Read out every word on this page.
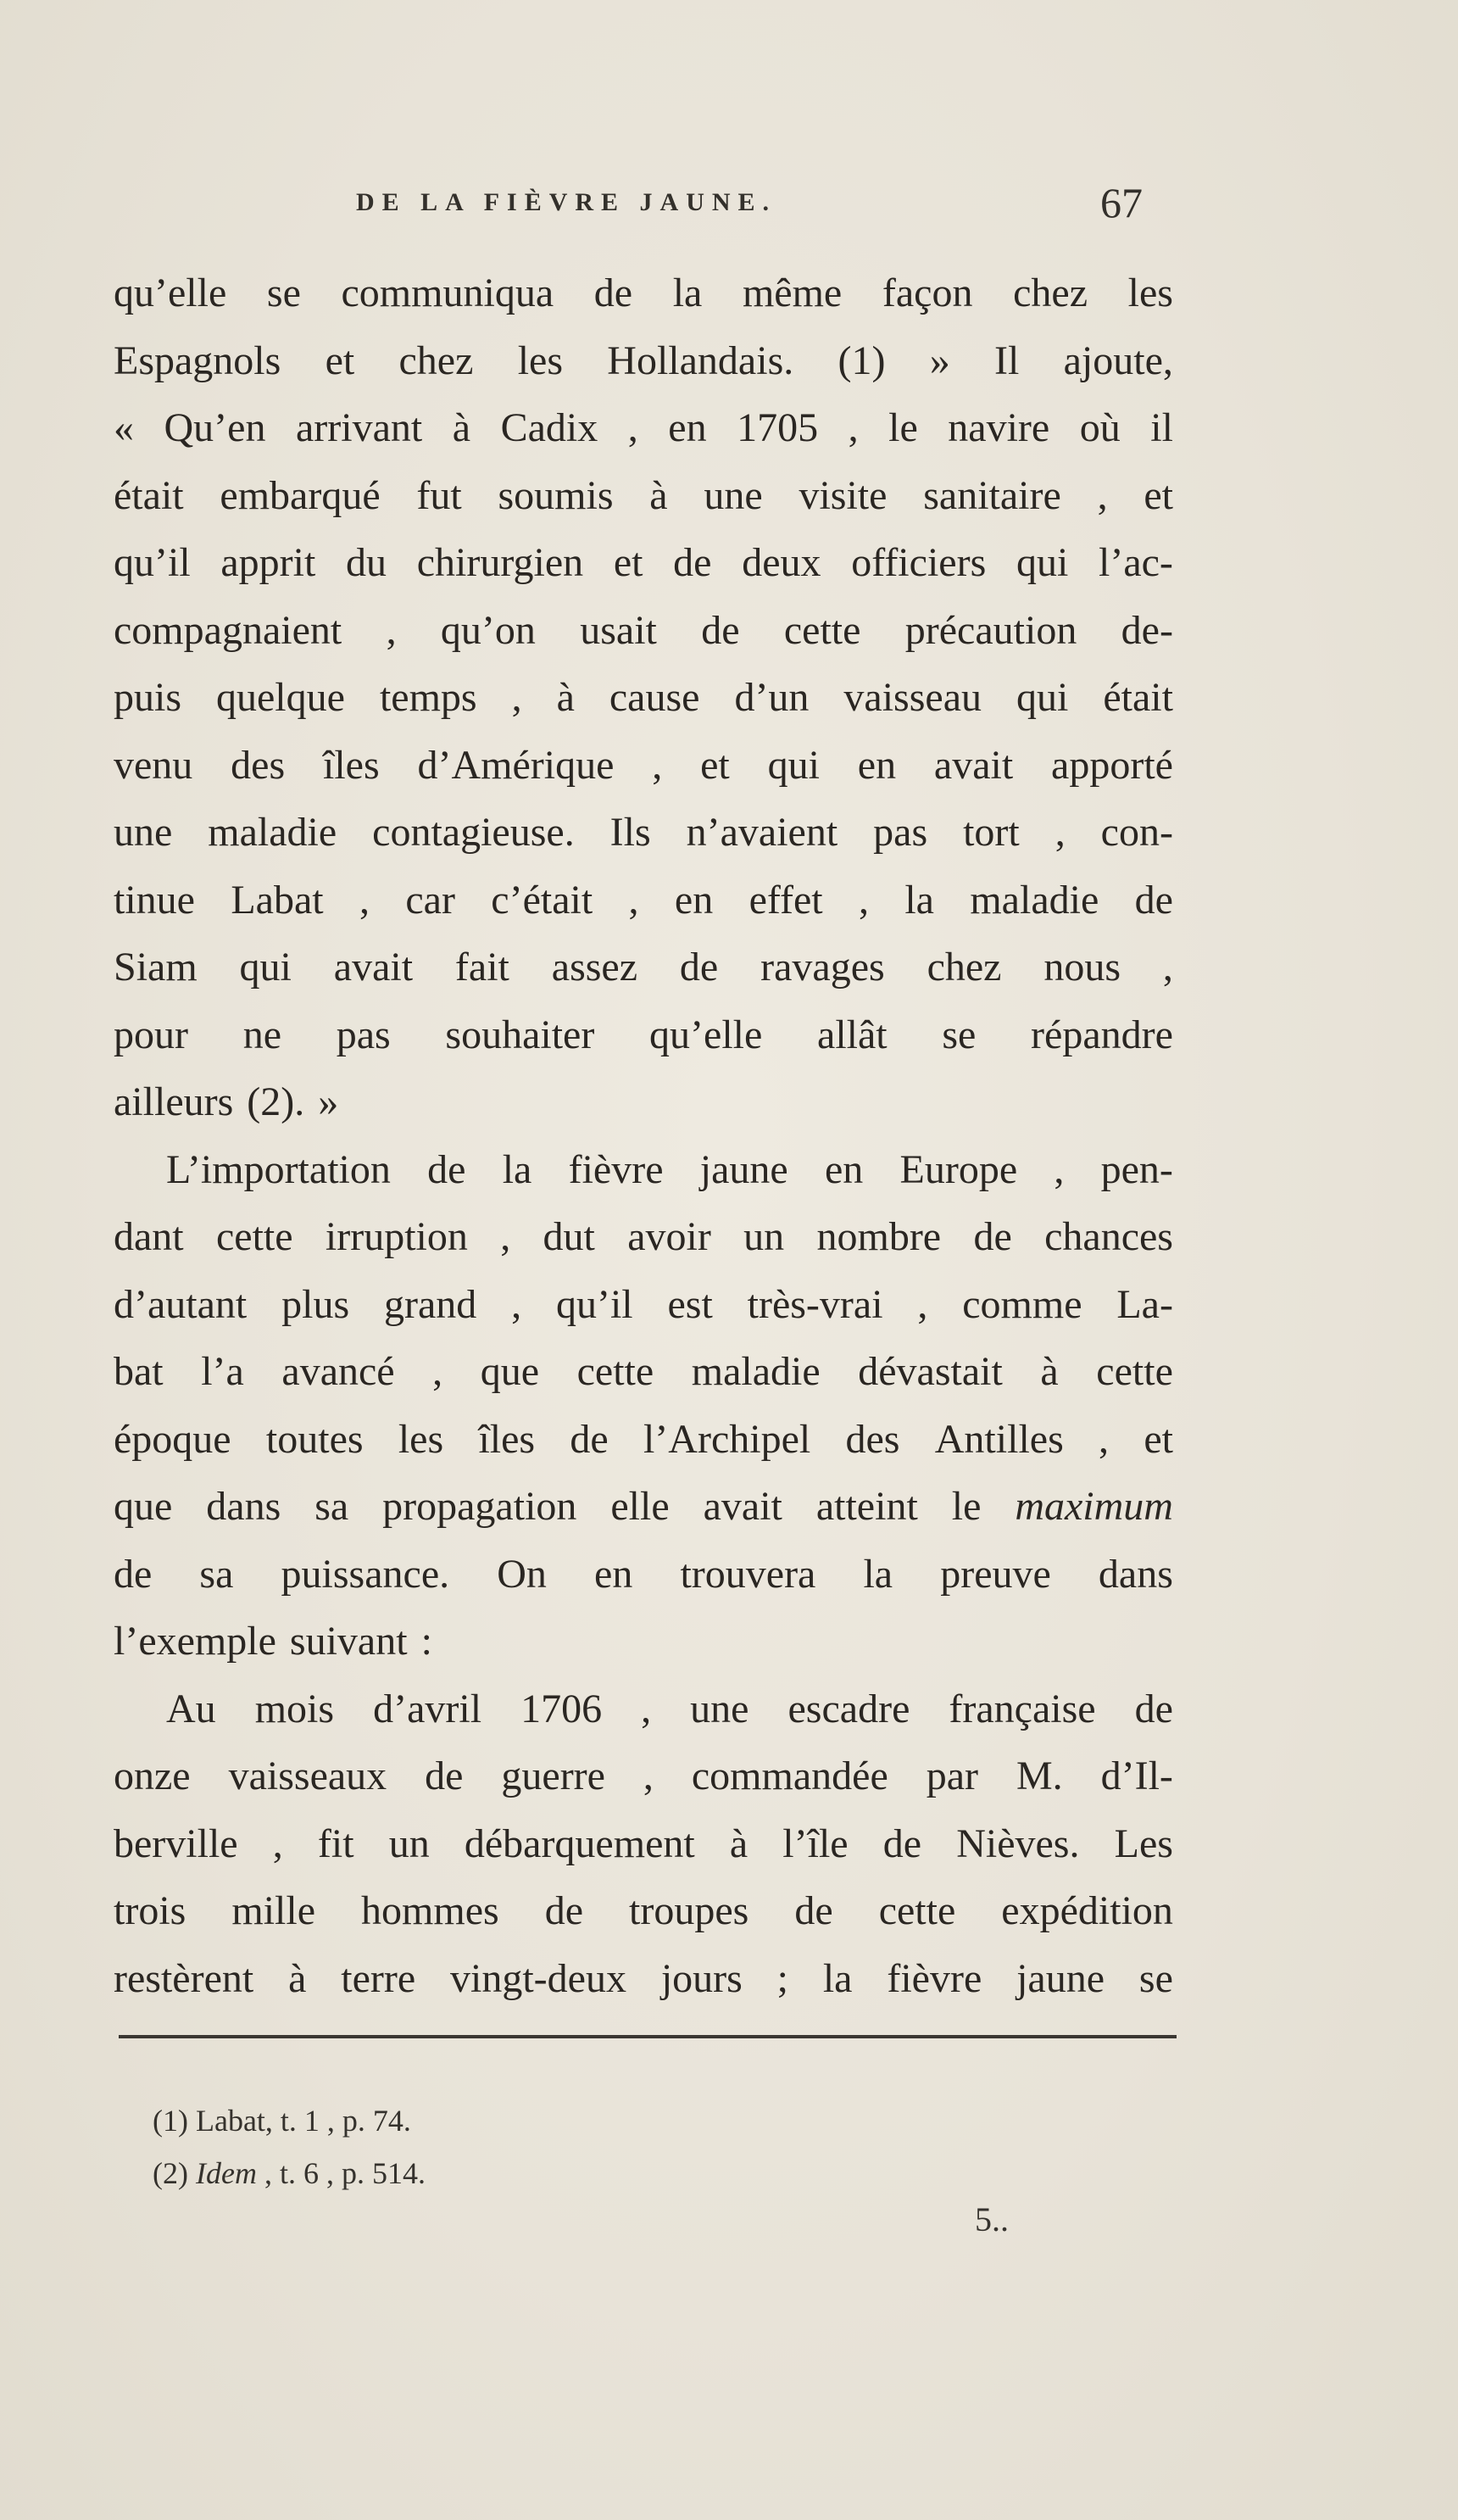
DE LA FIÈVRE JAUNE.	67
qu’elle se communiqua de la même façon chez les
Espagnols et chez les Hollandais. (1) » Il ajoute,
« Qu’en arrivant à Cadix , en 1705 , le navire où il
était embarqué fut soumis à une visite sanitaire , et
qu’il apprit du chirurgien et de deux officiers qui l’ac-
compagnaient , qu’on usait de cette précaution de-
puis quelque temps , à cause d’un vaisseau qui était
venu des îles d’Amérique , et qui en avait apporté
une maladie contagieuse. Ils n’avaient pas tort , con-
tinue Labat , car c’était , en effet , la maladie de
Siam qui avait fait assez de ravages chez nous ,
pour ne pas souhaiter qu’elle allât se répandre
ailleurs (2). »
L’importation de la fièvre jaune en Europe , pen-
dant cette irruption , dut avoir un nombre de chances
d’autant plus grand , qu’il est très-vrai , comme La-
bat l’a avancé , que cette maladie dévastait à cette
époque toutes les îles de l’Archipel des Antilles , et
que dans sa propagation elle avait atteint le maximum
de sa puissance. On en trouvera la preuve dans
l’exemple suivant :
Au mois d’avril 1706 , une escadre française de
onze vaisseaux de guerre , commandée par M. d’Il-
berville , fit un débarquement à l’île de Nièves. Les
trois mille hommes de troupes de cette expédition
restèrent à terre vingt-deux jours ; la fièvre jaune se
(1) Labat, t. 1 , p. 74.
(2) Idem , t. 6 , p. 514.
5..
